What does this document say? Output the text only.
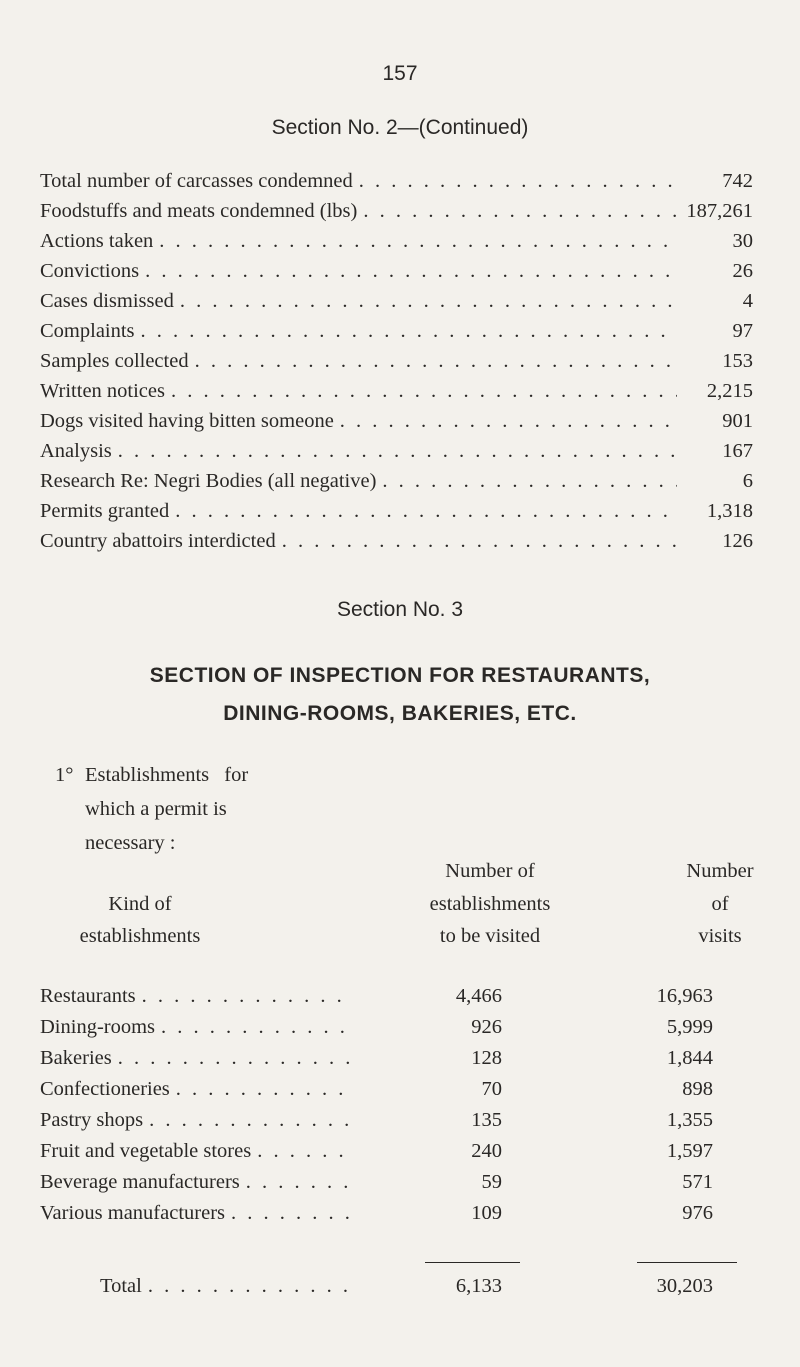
157
Section No. 2—(Continued)
Total number of carcasses condemned . . .	742
Foodstuffs and meats condemned (lbs) . . .	187,261
Actions taken . . .	30
Convictions . . .	26
Cases dismissed . . .	4
Complaints . . .	97
Samples collected . . .	153
Written notices . . .	2,215
Dogs visited having bitten someone . . .	901
Analysis . . .	167
Research Re: Negri Bodies (all negative) . . .	6
Permits granted . . .	1,318
Country abattoirs interdicted . . .	126
Section No. 3
SECTION OF INSPECTION FOR RESTAURANTS,
DINING-ROOMS, BAKERIES, ETC.
1° Establishments for
which a permit is
necessary :
Kind of
establishments
Number of
establishments
to be visited
Number
of
visits
Restaurants . . .	4,466	16,963
Dining-rooms . . .	926	5,999
Bakeries . . .	128	1,844
Confectioneries . . .	70	898
Pastry shops . . .	135	1,355
Fruit and vegetable stores . . .	240	1,597
Beverage manufacturers . . .	59	571
Various manufacturers . . .	109	976
Total . . .	6,133	30,203
